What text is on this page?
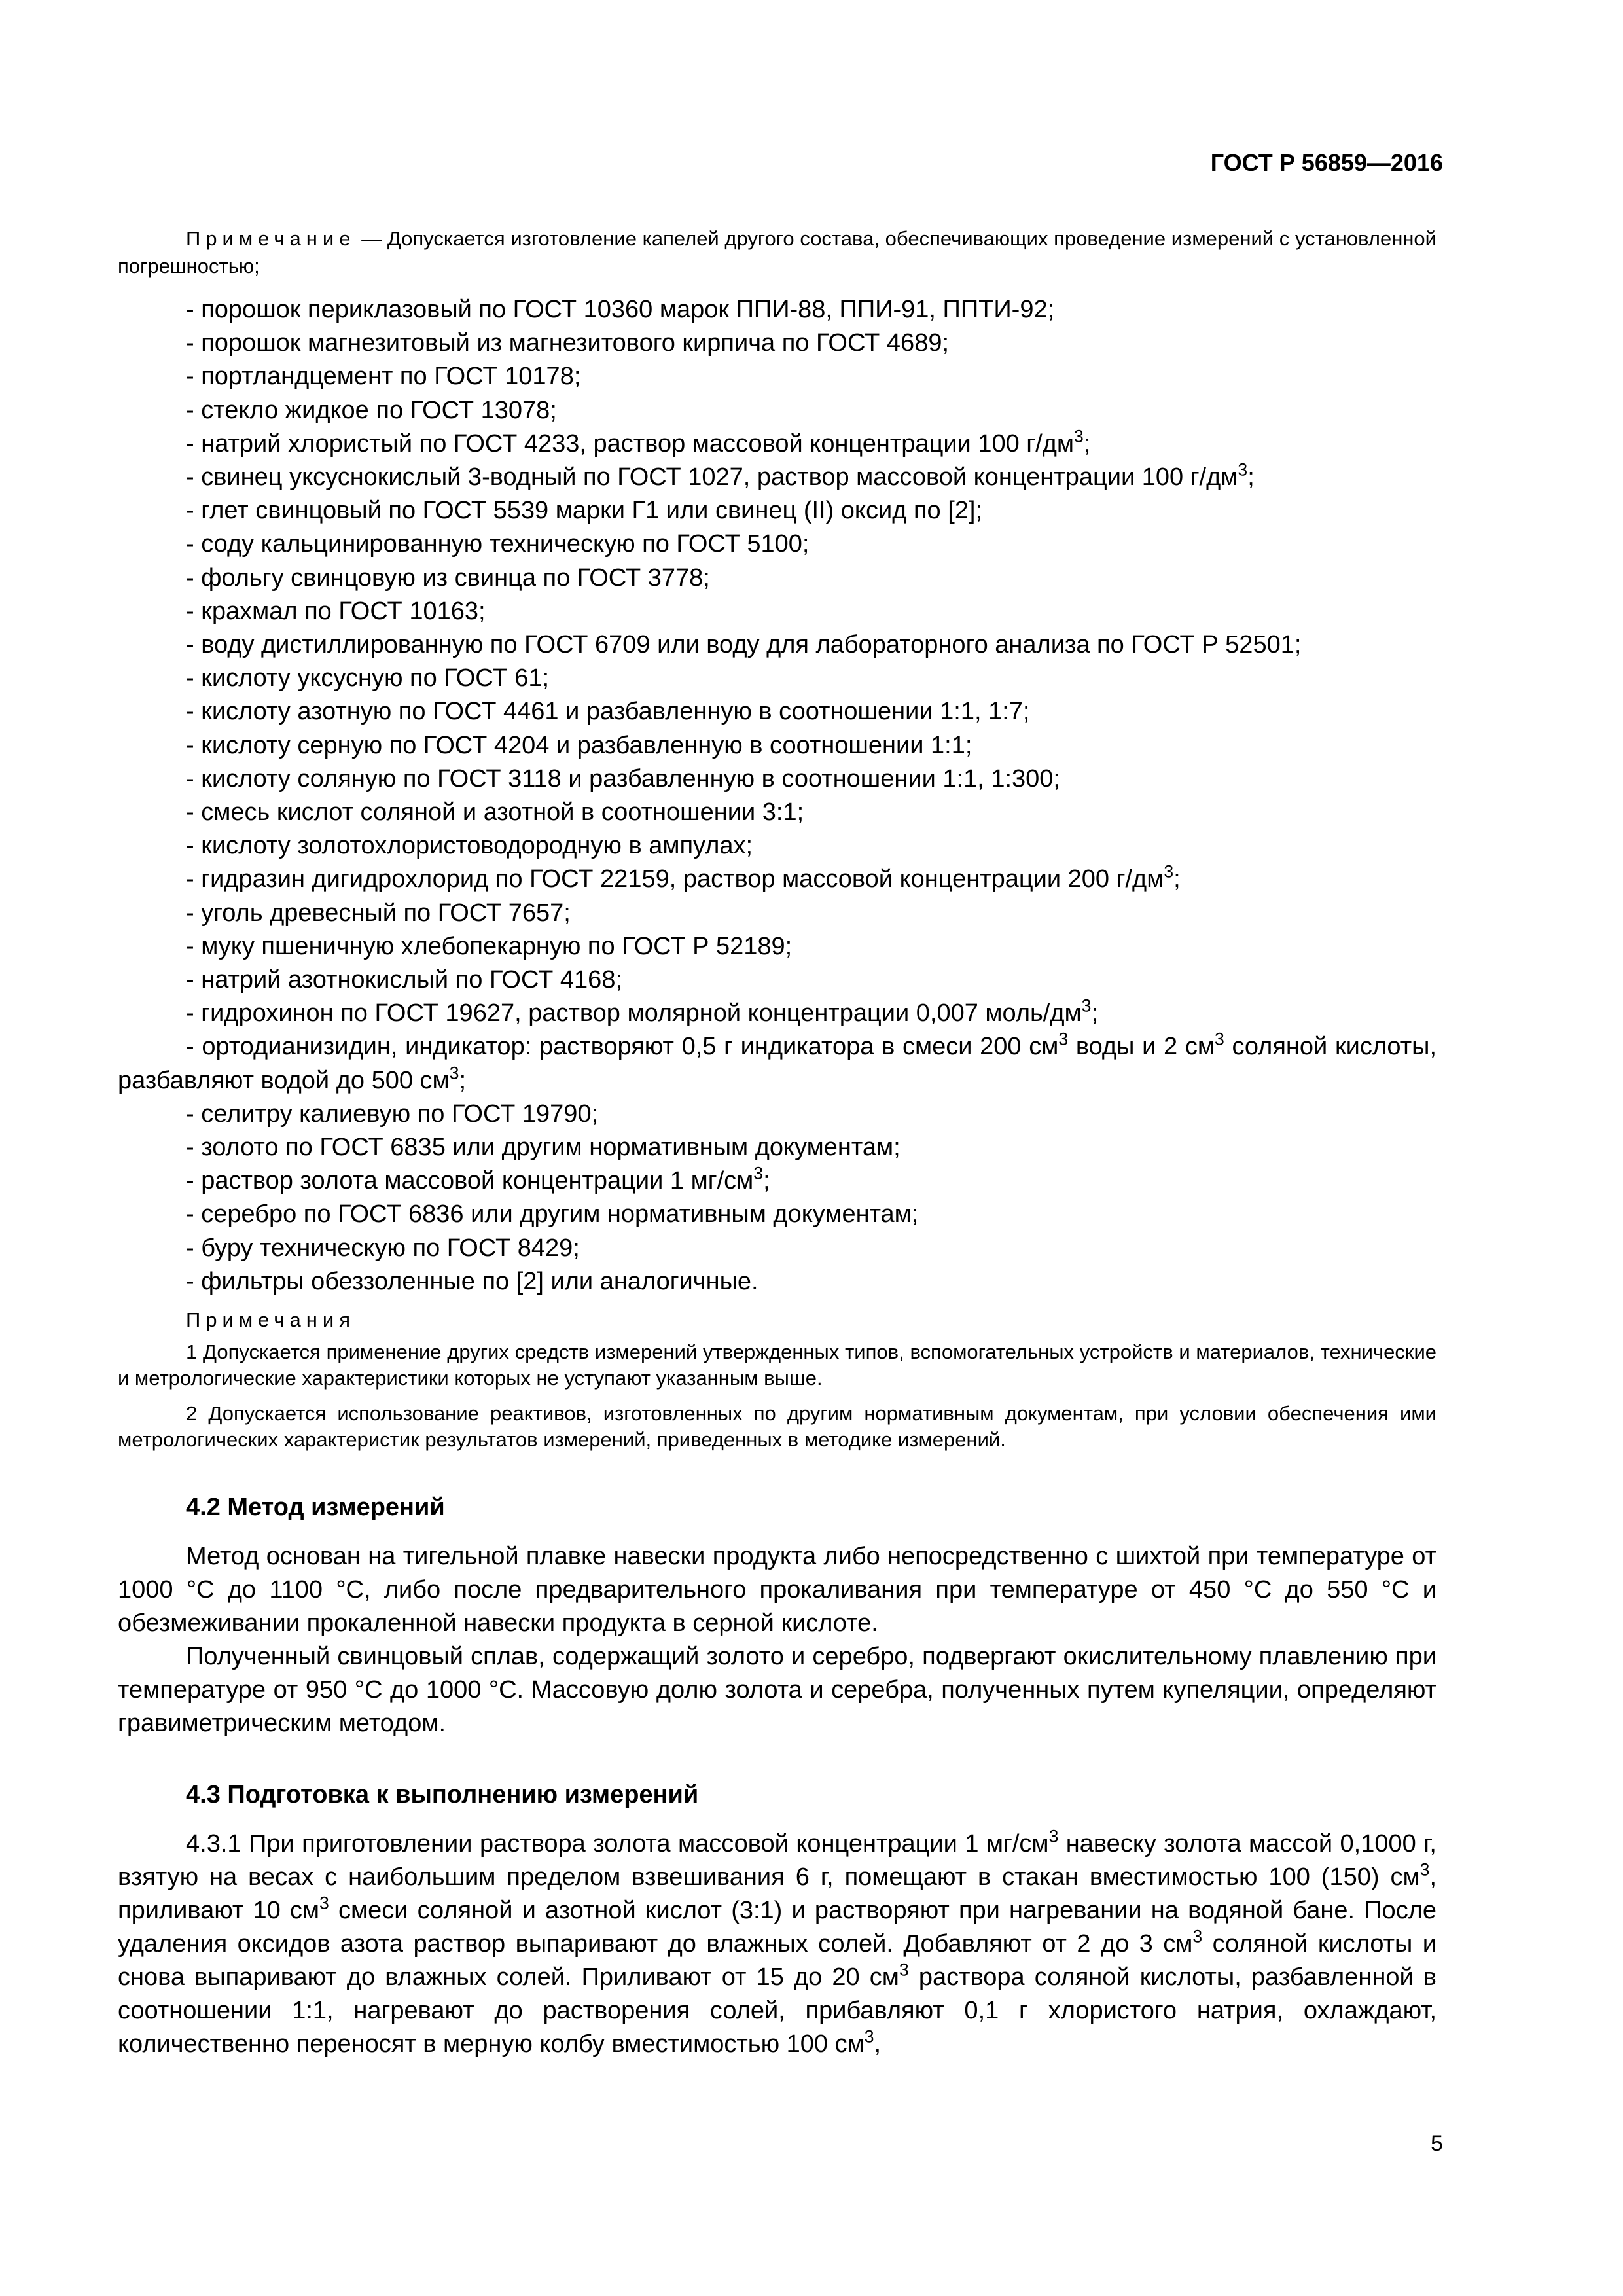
ГОСТ Р 56859—2016

Примечание — Допускается изготовление капелей другого состава, обеспечивающих проведение измерений с установленной погрешностью;

- порошок периклазовый по ГОСТ 10360 марок ППИ-88, ППИ-91, ППТИ-92;
- порошок магнезитовый из магнезитового кирпича по ГОСТ 4689;
- портландцемент по ГОСТ 10178;
- стекло жидкое по ГОСТ 13078;
- натрий хлористый по ГОСТ 4233, раствор массовой концентрации 100 $г/дм^3$;
- свинец уксуснокислый 3-водный по ГОСТ 1027, раствор массовой концентрации 100 $г/дм^3$;
- глет свинцовый по ГОСТ 5539 марки Г1 или свинец (II) оксид по [2];
- соду кальцинированную техническую по ГОСТ 5100;
- фольгу свинцовую из свинца по ГОСТ 3778;
- крахмал по ГОСТ 10163;
- воду дистиллированную по ГОСТ 6709 или воду для лабораторного анализа по ГОСТ Р 52501;
- кислоту уксусную по ГОСТ 61;
- кислоту азотную по ГОСТ 4461 и разбавленную в соотношении 1:1, 1:7;
- кислоту серную по ГОСТ 4204 и разбавленную в соотношении 1:1;
- кислоту соляную по ГОСТ 3118 и разбавленную в соотношении 1:1, 1:300;
- смесь кислот соляной и азотной в соотношении 3:1;
- кислоту золотохлористоводородную в ампулах;
- гидразин дигидрохлорид по ГОСТ 22159, раствор массовой концентрации 200 $г/дм^3$;
- уголь древесный по ГОСТ 7657;
- муку пшеничную хлебопекарную по ГОСТ Р 52189;
- натрий азотнокислый по ГОСТ 4168;
- гидрохинон по ГОСТ 19627, раствор молярной концентрации 0,007 моль/$дм^3$;
- ортодианизидин, индикатор: растворяют 0,5 г индикатора в смеси 200 $см^3$ воды и 2 $см^3$ соляной кислоты, разбавляют водой до 500 $см^3$;
- селитру калиевую по ГОСТ 19790;
- золото по ГОСТ 6835 или другим нормативным документам;
- раствор золота массовой концентрации 1 $мг/см^3$;
- серебро по ГОСТ 6836 или другим нормативным документам;
- буру техническую по ГОСТ 8429;
- фильтры обеззоленные по [2] или аналогичные.
Примечания

1 Допускается применение других средств измерений утвержденных типов, вспомогательных устройств и материалов, технические и метрологические характеристики которых не уступают указанным выше.

2 Допускается использование реактивов, изготовленных по другим нормативным документам, при условии обеспечения ими метрологических характеристик результатов измерений, приведенных в методике измерений.

4.2 Метод измерений

Метод основан на тигельной плавке навески продукта либо непосредственно с шихтой при температуре от 1000 °С до 1100 °С, либо после предварительного прокаливания при температуре от 450 °С до 550 °С и обезмеживании прокаленной навески продукта в серной кислоте.

Полученный свинцовый сплав, содержащий золото и серебро, подвергают окислительному плавлению при температуре от 950 °С до 1000 °С. Массовую долю золота и серебра, полученных путем купеляции, определяют гравиметрическим методом.

4.3 Подготовка к выполнению измерений

4.3.1 При приготовлении раствора золота массовой концентрации 1 $мг/см^3$ навеску золота массой 0,1000 г, взятую на весах с наибольшим пределом взвешивания 6 г, помещают в стакан вместимостью 100 (150) $см^3$, приливают 10 $см^3$ смеси соляной и азотной кислот (3:1) и растворяют при нагревании на водяной бане. После удаления оксидов азота раствор выпаривают до влажных солей. Добавляют от 2 до 3 $см^3$ соляной кислоты и снова выпаривают до влажных солей. Приливают от 15 до 20 $см^3$ раствора соляной кислоты, разбавленной в соотношении 1:1, нагревают до растворения солей, прибавляют 0,1 г хлористого натрия, охлаждают, количественно переносят в мерную колбу вместимостью 100 $см^3$,

5
